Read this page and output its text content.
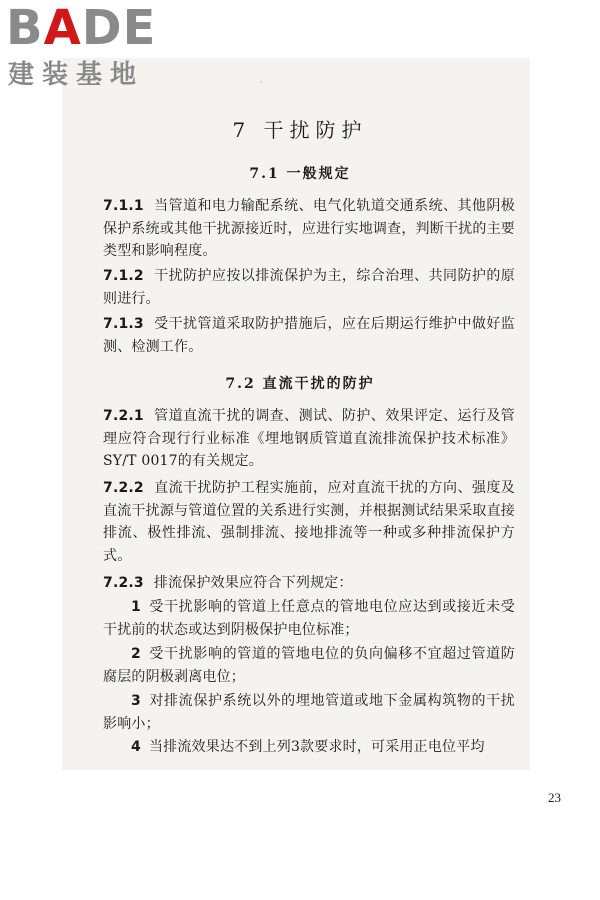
BADE
建装基地	·
7 干扰防护
7.1 一般规定
7.1.1 当管道和电力输配系统、电气化轨道交通系统、其他阴极保护系统或其他干扰源接近时，应进行实地调查，判断干扰的主要类型和影响程度。
7.1.2 干扰防护应按以排流保护为主，综合治理、共同防护的原则进行。
7.1.3 受干扰管道采取防护措施后，应在后期运行维护中做好监测、检测工作。
7.2 直流干扰的防护
7.2.1 管道直流干扰的调查、测试、防护、效果评定、运行及管理应符合现行行业标准《埋地钢质管道直流排流保护技术标准》SY/T 0017的有关规定。
7.2.2 直流干扰防护工程实施前，应对直流干扰的方向、强度及直流干扰源与管道位置的关系进行实测，并根据测试结果采取直接排流、极性排流、强制排流、接地排流等一种或多种排流保护方式。
7.2.3 排流保护效果应符合下列规定：
1 受干扰影响的管道上任意点的管地电位应达到或接近未受干扰前的状态或达到阴极保护电位标准；
2 受干扰影响的管道的管地电位的负向偏移不宜超过管道防腐层的阴极剥离电位；
3 对排流保护系统以外的埋地管道或地下金属构筑物的干扰影响小；
4 当排流效果达不到上列3款要求时，可采用正电位平均
23
